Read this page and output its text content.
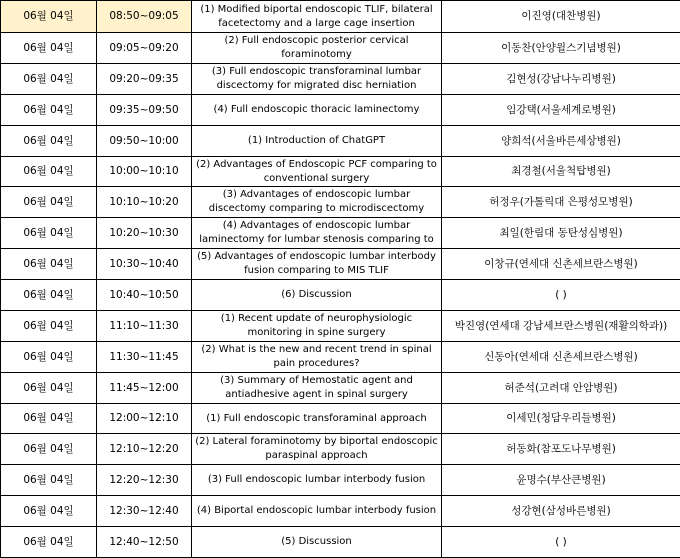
06월 04일	08:50~09:05	(1) Modified biportal endoscopic TLIF, bilateral facetectomy and a large cage insertion	이진영(대찬병원)
06월 04일	09:05~09:20	(2) Full endoscopic posterior cervical foraminotomy	이동찬(안양윌스기념병원)
06월 04일	09:20~09:35	(3) Full endoscopic transforaminal lumbar discectomy for migrated disc herniation	김현성(강남나누리병원)
06월 04일	09:35~09:50	(4) Full endoscopic thoracic laminectomy	임강택(서울세계로병원)
06월 04일	09:50~10:00	(1) Introduction of ChatGPT	양희석(서울바른세상병원)
06월 04일	10:00~10:10	(2) Advantages of Endoscopic PCF comparing to conventional surgery	최경철(서울척탑병원)
06월 04일	10:10~10:20	(3) Advantages of endoscopic lumbar discectomy comparing to microdiscectomy	허정우(가톨릭대 은평성모병원)
06월 04일	10:20~10:30	(4) Advantages of endoscopic lumbar laminectomy for lumbar stenosis comparing to	최일(한림대 동탄성심병원)
06월 04일	10:30~10:40	(5) Advantages of endoscopic lumbar interbody fusion comparing to MIS TLIF	이창규(연세대 신촌세브란스병원)
06월 04일	10:40~10:50	(6) Discussion	( )
06월 04일	11:10~11:30	(1) Recent update of neurophysiologic monitoring in spine surgery	박진영(연세대 강남세브란스병원(재활의학과))
06월 04일	11:30~11:45	(2) What is the new and recent trend in spinal pain procedures?	신동아(연세대 신촌세브란스병원)
06월 04일	11:45~12:00	(3) Summary of Hemostatic agent and antiadhesive agent in spinal surgery	허준석(고려대 안암병원)
06월 04일	12:00~12:10	(1) Full endoscopic transforaminal approach	이세민(청담우리들병원)
06월 04일	12:10~12:20	(2) Lateral foraminotomy by biportal endoscopic paraspinal approach	허동화(참포도나무병원)
06월 04일	12:20~12:30	(3) Full endoscopic lumbar interbody fusion	윤명수(부산큰병원)
06월 04일	12:30~12:40	(4) Biportal endoscopic lumbar interbody fusion	성강현(삼성바른병원)
06월 04일	12:40~12:50	(5) Discussion	( )
